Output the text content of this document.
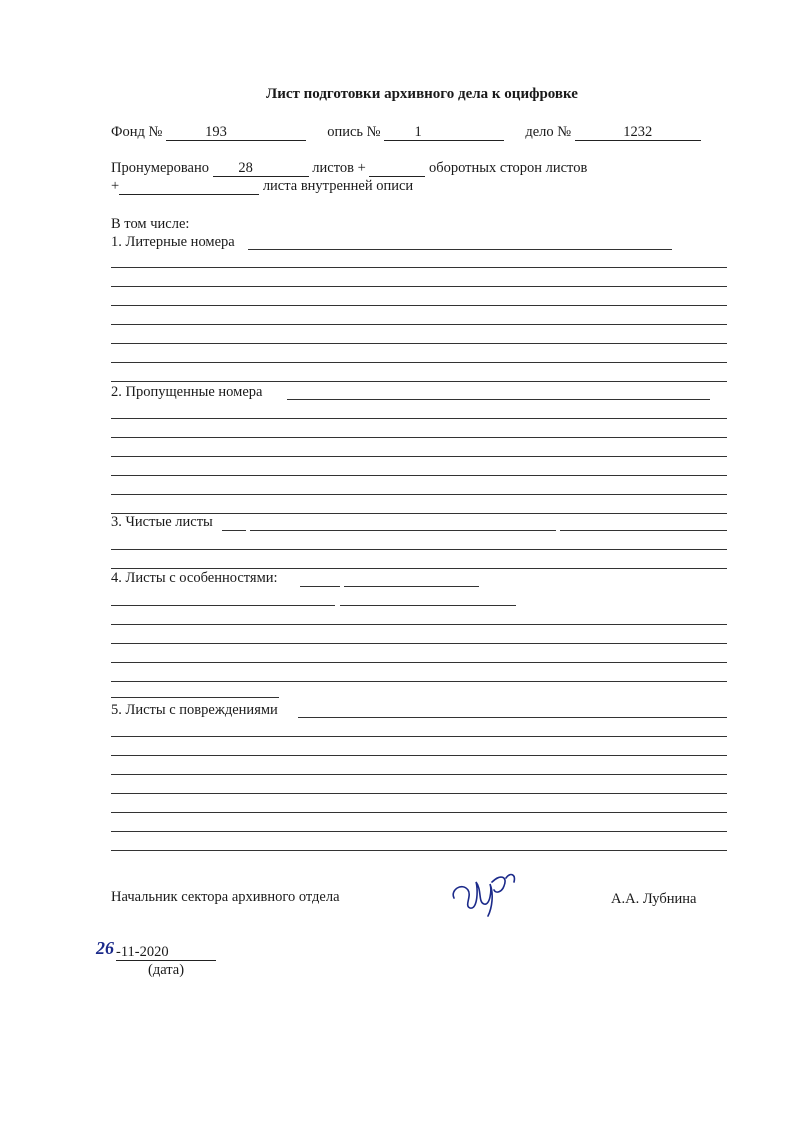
Лист подготовки архивного дела к оцифровке
Фонд №	193	опись № 1	дело №	1232
Пронумеровано 28	листов +	оборотных сторон листов
+	листа внутренней описи
В том числе:
1. Литерные номера
2. Пропущенные номера
3. Чистые листы
4. Листы с особенностями:
5. Листы с повреждениями
Начальник сектора архивного отдела	А.А. Лубнина
26 -11-2020
(дата)
